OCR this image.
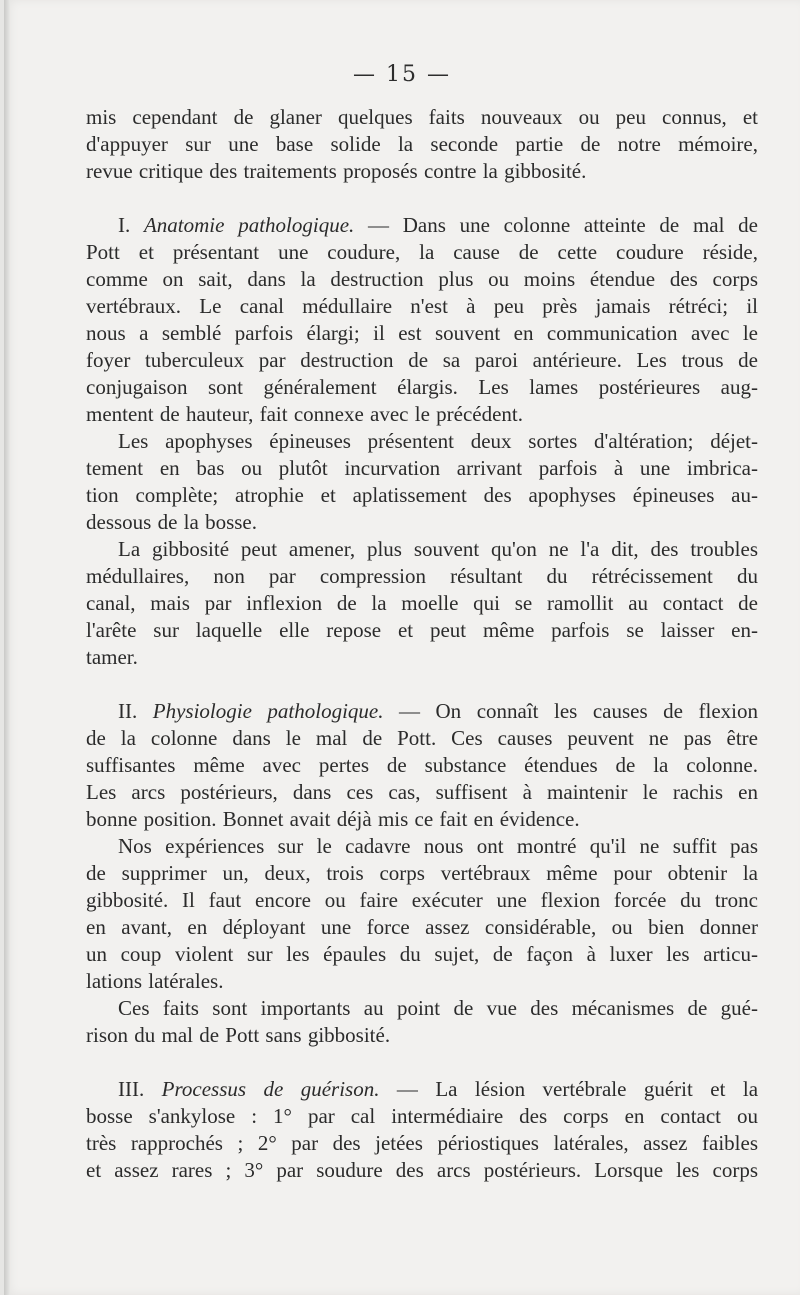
— 15 —
mis cependant de glaner quelques faits nouveaux ou peu connus, et
d'appuyer sur une base solide la seconde partie de notre mémoire,
revue critique des traitements proposés contre la gibbosité.
I. Anatomie pathologique. — Dans une colonne atteinte de mal de
Pott et présentant une coudure, la cause de cette coudure réside,
comme on sait, dans la destruction plus ou moins étendue des corps
vertébraux. Le canal médullaire n'est à peu près jamais rétréci; il
nous a semblé parfois élargi; il est souvent en communication avec le
foyer tuberculeux par destruction de sa paroi antérieure. Les trous de
conjugaison sont généralement élargis. Les lames postérieures aug-
mentent de hauteur, fait connexe avec le précédent.
Les apophyses épineuses présentent deux sortes d'altération; déjet-
tement en bas ou plutôt incurvation arrivant parfois à une imbrica-
tion complète; atrophie et aplatissement des apophyses épineuses au-
dessous de la bosse.
La gibbosité peut amener, plus souvent qu'on ne l'a dit, des troubles
médullaires, non par compression résultant du rétrécissement du
canal, mais par inflexion de la moelle qui se ramollit au contact de
l'arête sur laquelle elle repose et peut même parfois se laisser en-
tamer.
II. Physiologie pathologique. — On connaît les causes de flexion
de la colonne dans le mal de Pott. Ces causes peuvent ne pas être
suffisantes même avec pertes de substance étendues de la colonne.
Les arcs postérieurs, dans ces cas, suffisent à maintenir le rachis en
bonne position. Bonnet avait déjà mis ce fait en évidence.
Nos expériences sur le cadavre nous ont montré qu'il ne suffit pas
de supprimer un, deux, trois corps vertébraux même pour obtenir la
gibbosité. Il faut encore ou faire exécuter une flexion forcée du tronc
en avant, en déployant une force assez considérable, ou bien donner
un coup violent sur les épaules du sujet, de façon à luxer les articu-
lations latérales.
Ces faits sont importants au point de vue des mécanismes de gué-
rison du mal de Pott sans gibbosité.
III. Processus de guérison. — La lésion vertébrale guérit et la
bosse s'ankylose : 1° par cal intermédiaire des corps en contact ou
très rapprochés ; 2° par des jetées périostiques latérales, assez faibles
et assez rares ; 3° par soudure des arcs postérieurs. Lorsque les corps
